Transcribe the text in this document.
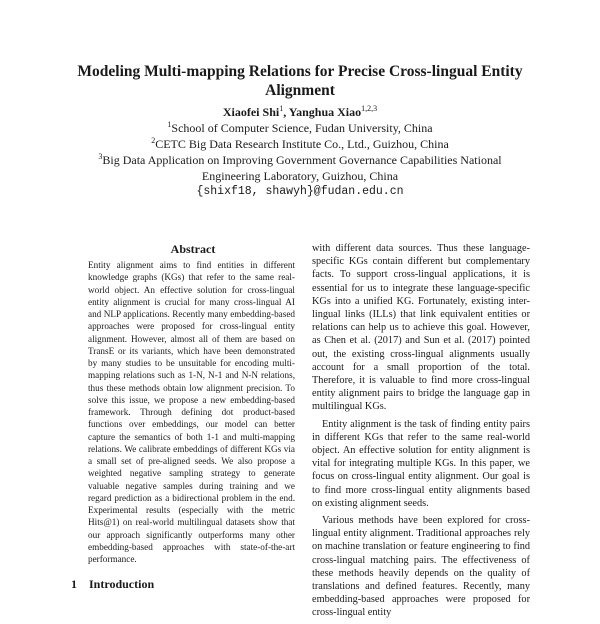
Modeling Multi-mapping Relations for Precise Cross-lingual Entity Alignment
Xiaofei Shi$^1$, Yanghua Xiao$^{1,2,3}$
$^1$School of Computer Science, Fudan University, China
$^2$CETC Big Data Research Institute Co., Ltd., Guizhou, China
$^3$Big Data Application on Improving Government Governance Capabilities National
Engineering Laboratory, Guizhou, China
{shixf18, shawyh}@fudan.edu.cn
Abstract
Entity alignment aims to find entities in different knowledge graphs (KGs) that refer to the same real-world object. An effective solution for cross-lingual entity alignment is crucial for many cross-lingual AI and NLP applications. Recently many embedding-based approaches were proposed for cross-lingual entity alignment. However, almost all of them are based on TransE or its variants, which have been demonstrated by many studies to be unsuitable for encoding multi-mapping relations such as 1-N, N-1 and N-N relations, thus these methods obtain low alignment precision. To solve this issue, we propose a new embedding-based framework. Through defining dot product-based functions over embeddings, our model can better capture the semantics of both 1-1 and multi-mapping relations. We calibrate embeddings of different KGs via a small set of pre-aligned seeds. We also propose a weighted negative sampling strategy to generate valuable negative samples during training and we regard prediction as a bidirectional problem in the end. Experimental results (especially with the metric Hits@1) on real-world multilingual datasets show that our approach significantly outperforms many other embedding-based approaches with state-of-the-art performance.
1 Introduction

with different data sources. Thus these language-specific KGs contain different but complementary facts. To support cross-lingual applications, it is essential for us to integrate these language-specific KGs into a unified KG. Fortunately, existing inter-lingual links (ILLs) that link equivalent entities or relations can help us to achieve this goal. However, as Chen et al. (2017) and Sun et al. (2017) pointed out, the existing cross-lingual alignments usually account for a small proportion of the total. Therefore, it is valuable to find more cross-lingual entity alignment pairs to bridge the language gap in multilingual KGs.

Entity alignment is the task of finding entity pairs in different KGs that refer to the same real-world object. An effective solution for entity alignment is vital for integrating multiple KGs. In this paper, we focus on cross-lingual entity alignment. Our goal is to find more cross-lingual entity alignments based on existing alignment seeds.

Various methods have been explored for cross-lingual entity alignment. Traditional approaches rely on machine translation or feature engineering to find cross-lingual matching pairs. The effectiveness of these methods heavily depends on the quality of translations and defined features. Recently, many embedding-based approaches were proposed for cross-lingual entity
